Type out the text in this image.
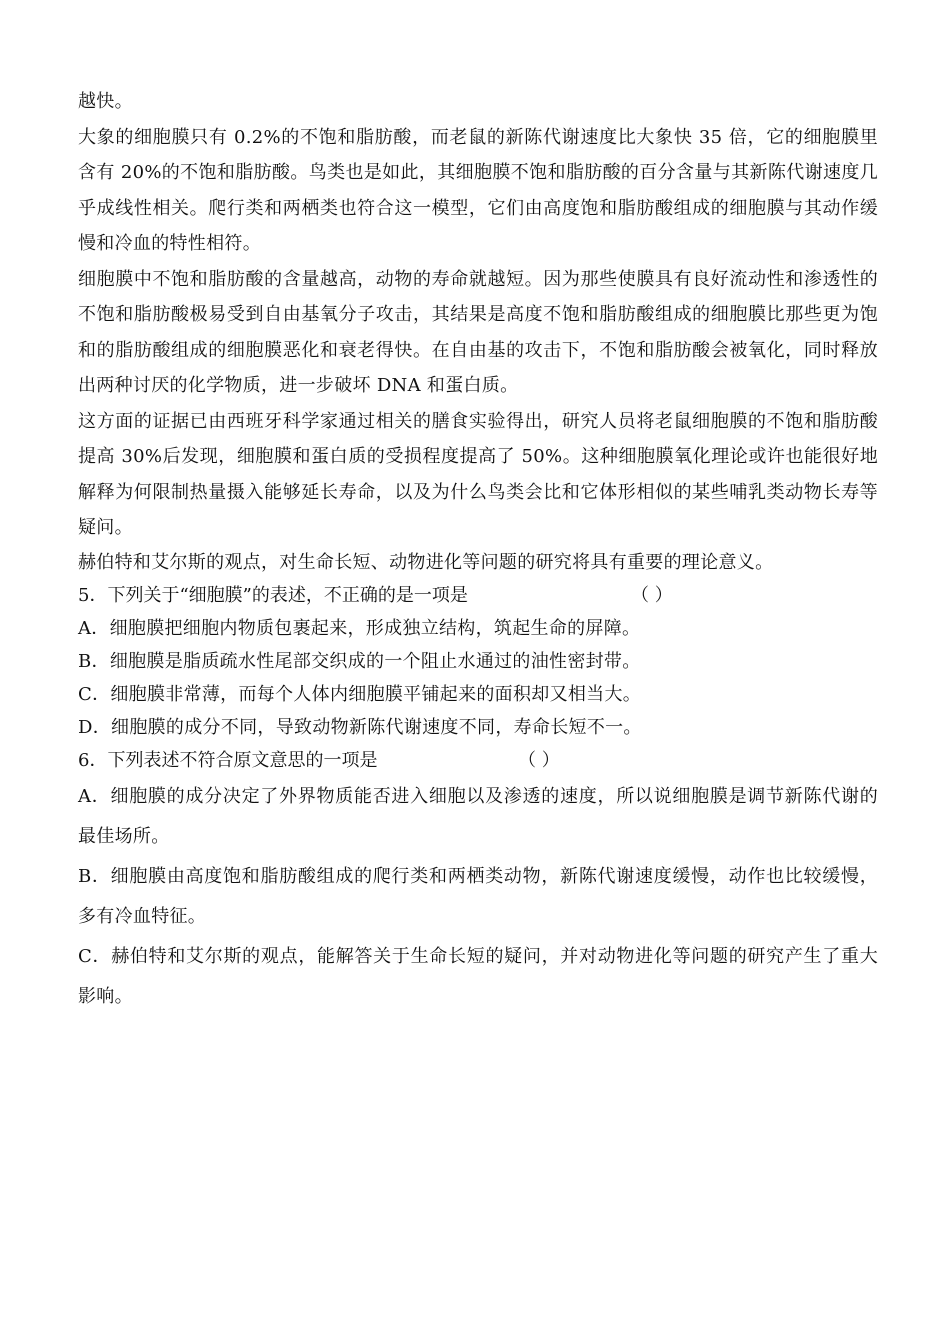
越快。

大象的细胞膜只有 0.2%的不饱和脂肪酸，而老鼠的新陈代谢速度比大象快 35 倍，它的细胞膜里含有 20%的不饱和脂肪酸。鸟类也是如此，其细胞膜不饱和脂肪酸的百分含量与其新陈代谢速度几乎成线性相关。爬行类和两栖类也符合这一模型，它们由高度饱和脂肪酸组成的细胞膜与其动作缓慢和冷血的特性相符。

细胞膜中不饱和脂肪酸的含量越高，动物的寿命就越短。因为那些使膜具有良好流动性和渗透性的不饱和脂肪酸极易受到自由基氧分子攻击，其结果是高度不饱和脂肪酸组成的细胞膜比那些更为饱和的脂肪酸组成的细胞膜恶化和衰老得快。在自由基的攻击下，不饱和脂肪酸会被氧化，同时释放出两种讨厌的化学物质，进一步破坏 DNA 和蛋白质。

这方面的证据已由西班牙科学家通过相关的膳食实验得出，研究人员将老鼠细胞膜的不饱和脂肪酸提高 30%后发现，细胞膜和蛋白质的受损程度提高了 50%。这种细胞膜氧化理论或许也能很好地解释为何限制热量摄入能够延长寿命，以及为什么鸟类会比和它体形相似的某些哺乳类动物长寿等疑问。

赫伯特和艾尔斯的观点，对生命长短、动物进化等问题的研究将具有重要的理论意义。

5．下列关于“细胞膜”的表述，不正确的是一项是	（ ）

A．细胞膜把细胞内物质包裹起来，形成独立结构，筑起生命的屏障。

B．细胞膜是脂质疏水性尾部交织成的一个阻止水通过的油性密封带。

C．细胞膜非常薄，而每个人体内细胞膜平铺起来的面积却又相当大。

D．细胞膜的成分不同，导致动物新陈代谢速度不同，寿命长短不一。

6．下列表述不符合原文意思的一项是	（ ）

A．细胞膜的成分决定了外界物质能否进入细胞以及渗透的速度，所以说细胞膜是调节新陈代谢的最佳场所。

B．细胞膜由高度饱和脂肪酸组成的爬行类和两栖类动物，新陈代谢速度缓慢，动作也比较缓慢，多有冷血特征。

C．赫伯特和艾尔斯的观点，能解答关于生命长短的疑问，并对动物进化等问题的研究产生了重大影响。
